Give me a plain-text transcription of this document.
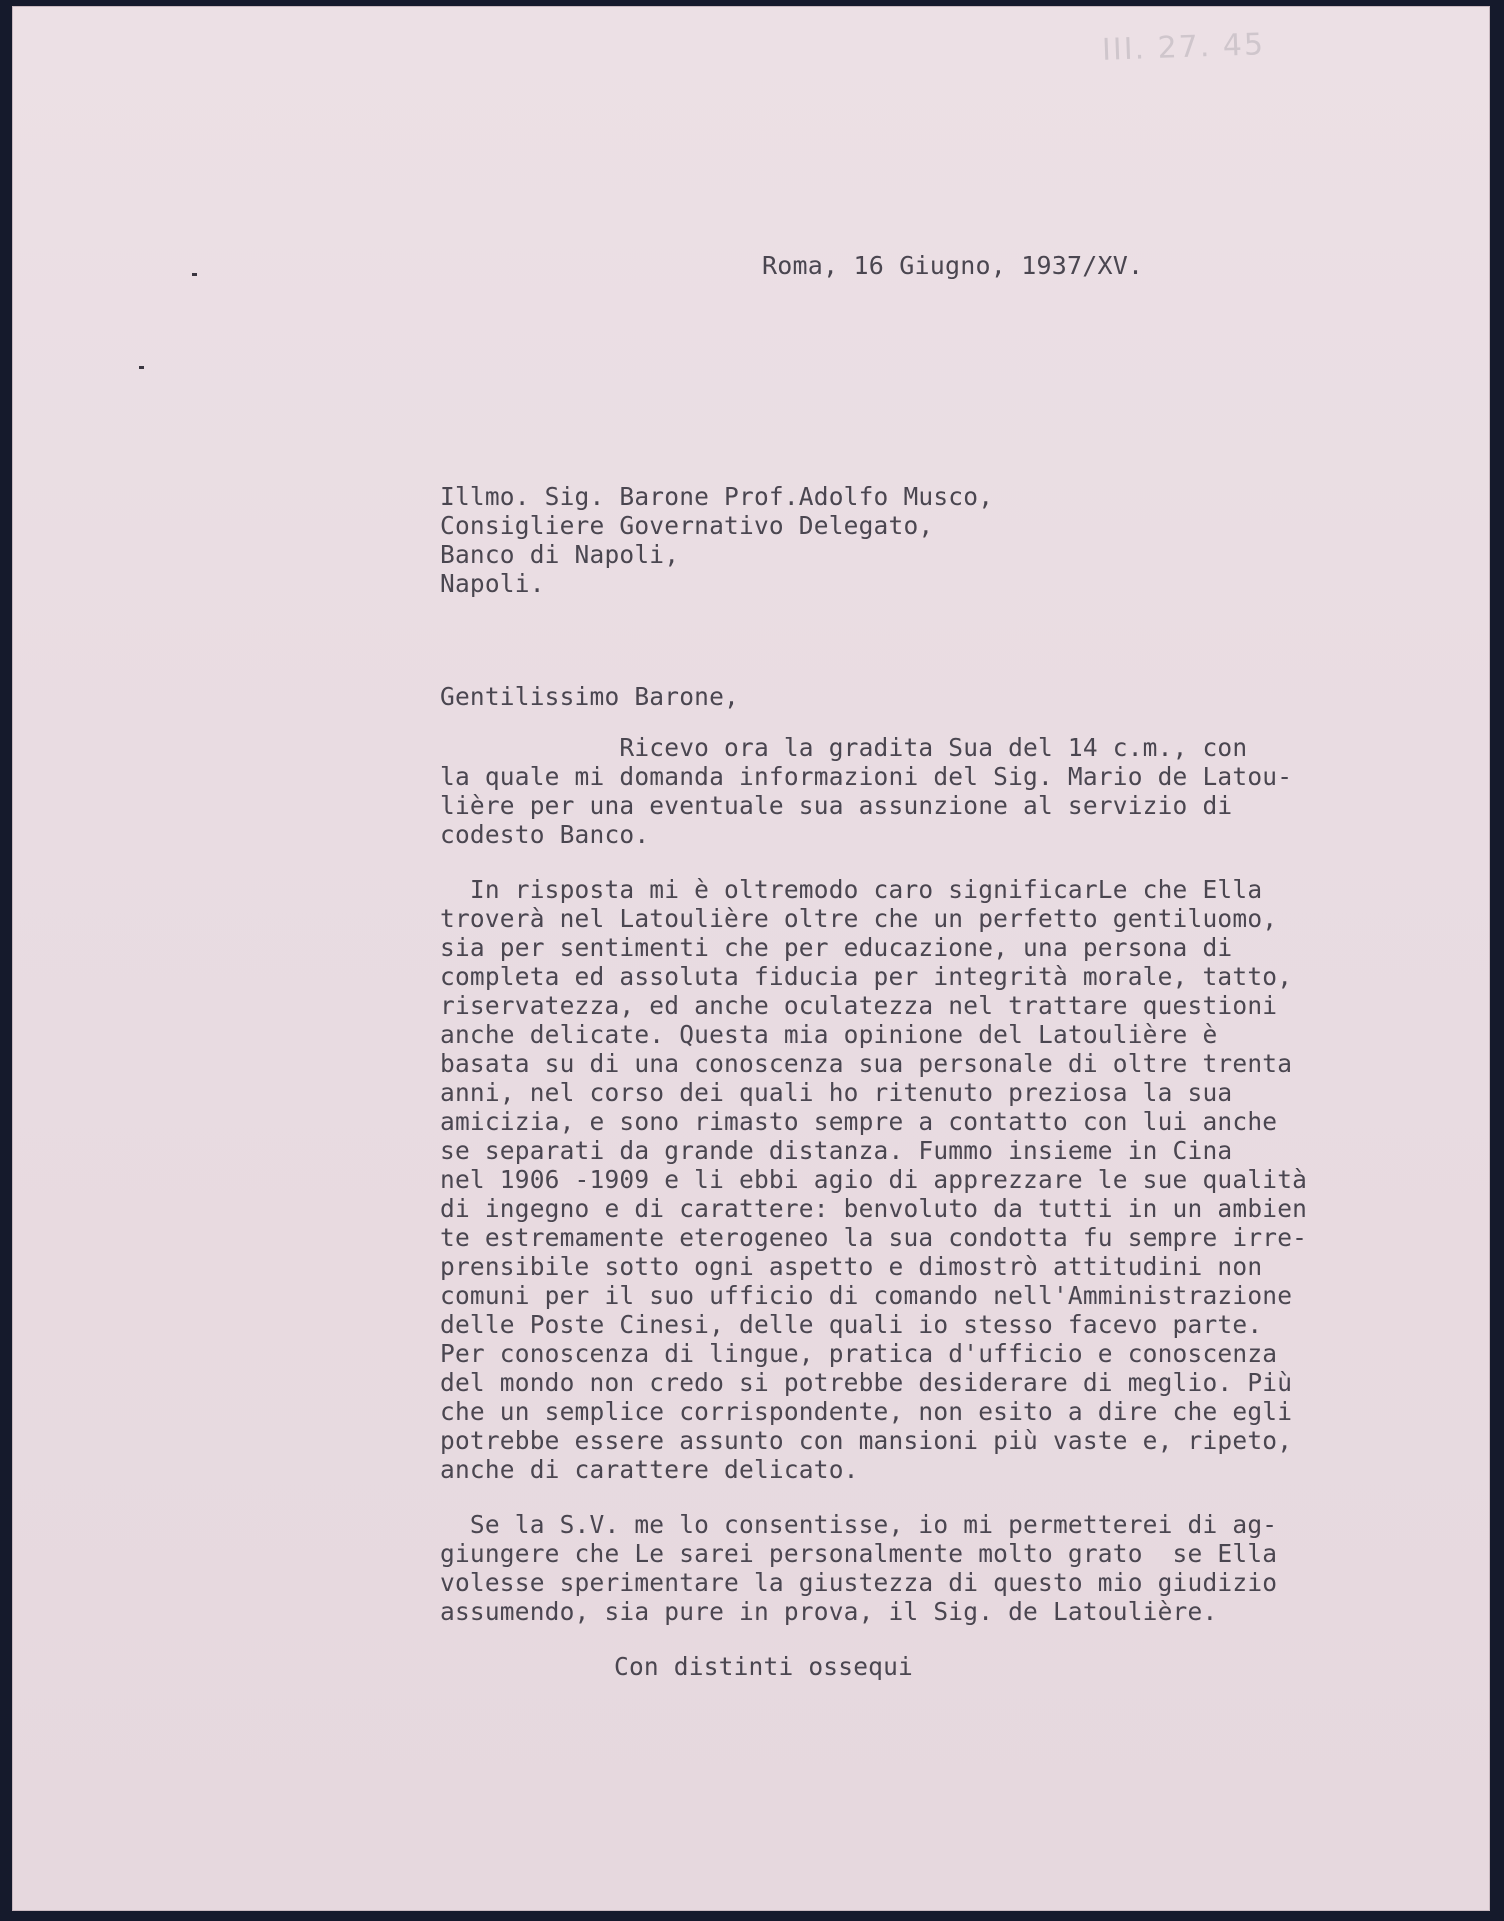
III. 27. 45
Roma, 16 Giugno, 1937/XV.
Illmo. Sig. Barone Prof.Adolfo Musco,
Consigliere Governativo Delegato,
Banco di Napoli,
Napoli.
Gentilissimo Barone,
Ricevo ora la gradita Sua del 14 c.m., con
la quale mi domanda informazioni del Sig. Mario de Latou-
lière per una eventuale sua assunzione al servizio di
codesto Banco.
In risposta mi è oltremodo caro significarLe che Ella
troverà nel Latoulière oltre che un perfetto gentiluomo,
sia per sentimenti che per educazione, una persona di
completa ed assoluta fiducia per integrità morale, tatto,
riservatezza, ed anche oculatezza nel trattare questioni
anche delicate. Questa mia opinione del Latoulière è
basata su di una conoscenza sua personale di oltre trenta
anni, nel corso dei quali ho ritenuto preziosa la sua
amicizia, e sono rimasto sempre a contatto con lui anche
se separati da grande distanza. Fummo insieme in Cina
nel 1906 -1909 e li ebbi agio di apprezzare le sue qualità
di ingegno e di carattere: benvoluto da tutti in un ambien
te estremamente eterogeneo la sua condotta fu sempre irre-
prensibile sotto ogni aspetto e dimostrò attitudini non
comuni per il suo ufficio di comando nell'Amministrazione
delle Poste Cinesi, delle quali io stesso facevo parte.
Per conoscenza di lingue, pratica d'ufficio e conoscenza
del mondo non credo si potrebbe desiderare di meglio. Più
che un semplice corrispondente, non esito a dire che egli
potrebbe essere assunto con mansioni più vaste e, ripeto,
anche di carattere delicato.
Se la S.V. me lo consentisse, io mi permetterei di ag-
giungere che Le sarei personalmente molto grato  se Ella
volesse sperimentare la giustezza di questo mio giudizio
assumendo, sia pure in prova, il Sig. de Latoulière.
Con distinti ossequi
